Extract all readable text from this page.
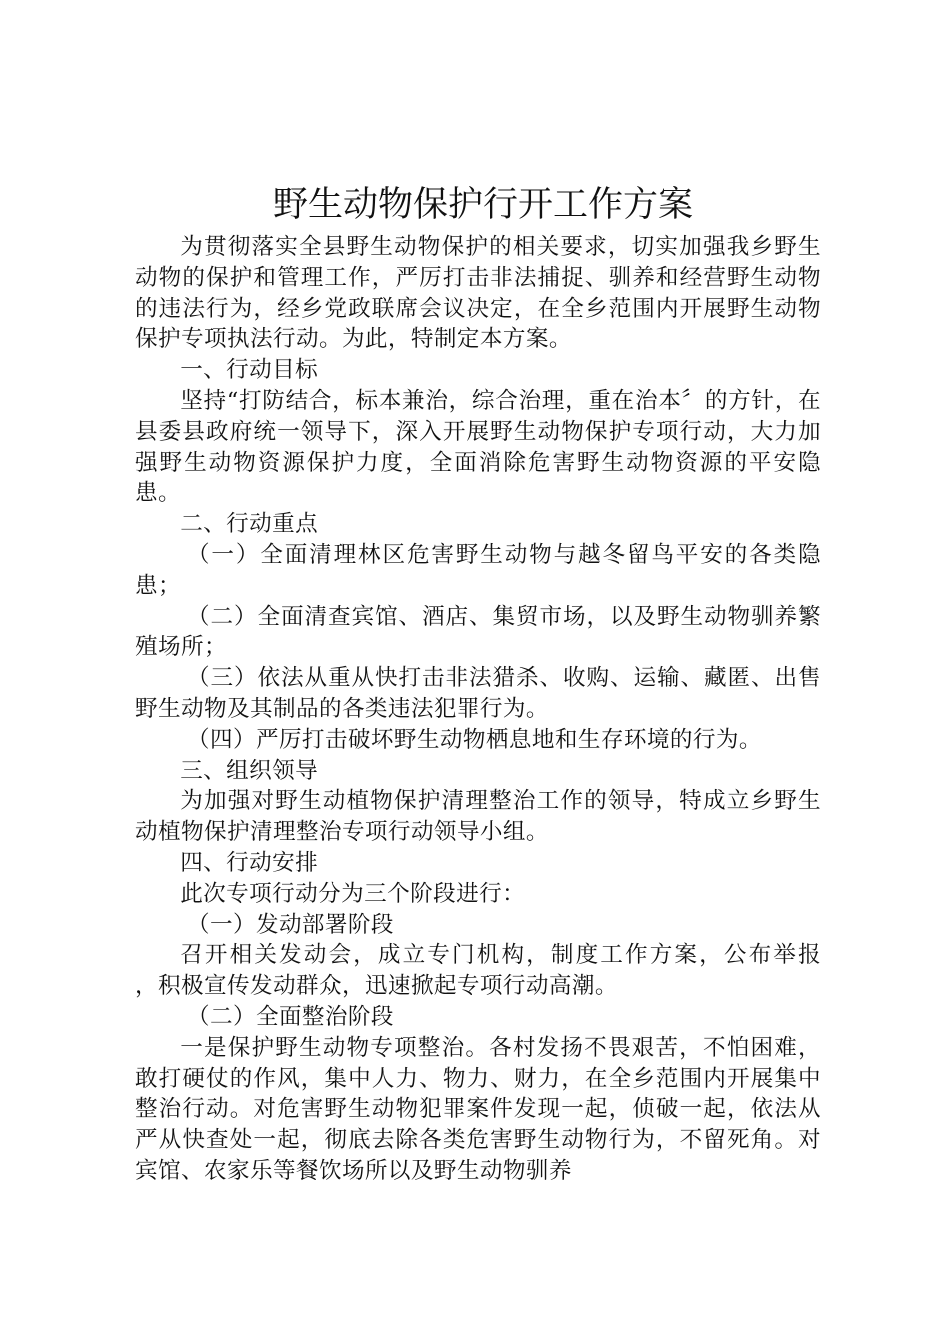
野生动物保护行开工作方案

为贯彻落实全县野生动物保护的相关要求，切实加强我乡野生动物的保护和管理工作，严厉打击非法捕捉、驯养和经营野生动物的违法行为，经乡党政联席会议决定，在全乡范围内开展野生动物保护专项执法行动。为此，特制定本方案。

一、行动目标

坚持“打防结合，标本兼治，综合治理，重在治本〞的方针，在县委县政府统一领导下，深入开展野生动物保护专项行动，大力加强野生动物资源保护力度，全面消除危害野生动物资源的平安隐患。

二、行动重点

（一）全面清理林区危害野生动物与越冬留鸟平安的各类隐患；

（二）全面清查宾馆、酒店、集贸市场，以及野生动物驯养繁殖场所；

（三）依法从重从快打击非法猎杀、收购、运输、藏匿、出售野生动物及其制品的各类违法犯罪行为。

（四）严厉打击破坏野生动物栖息地和生存环境的行为。

三、组织领导

为加强对野生动植物保护清理整治工作的领导，特成立乡野生动植物保护清理整治专项行动领导小组。

四、行动安排

此次专项行动分为三个阶段进行：

（一）发动部署阶段

召开相关发动会，成立专门机构，制度工作方案，公布举报　 ，积极宣传发动群众，迅速掀起专项行动高潮。

（二）全面整治阶段

一是保护野生动物专项整治。各村发扬不畏艰苦，不怕困难，敢打硬仗的作风，集中人力、物力、财力，在全乡范围内开展集中整治行动。对危害野生动物犯罪案件发现一起，侦破一起，依法从严从快查处一起，彻底去除各类危害野生动物行为，不留死角。对宾馆、农家乐等餐饮场所以及野生动物驯养
